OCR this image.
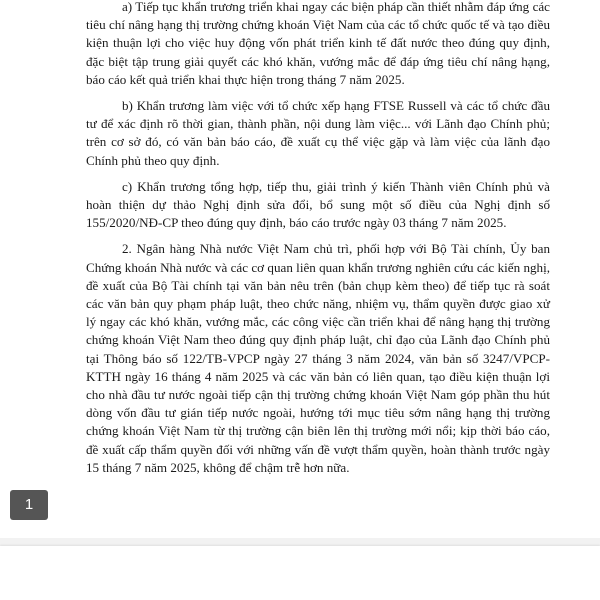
a) Tiếp tục khẩn trương triển khai ngay các biện pháp cần thiết nhằm đáp ứng các tiêu chí nâng hạng thị trường chứng khoán Việt Nam của các tổ chức quốc tế và tạo điều kiện thuận lợi cho việc huy động vốn phát triển kinh tế đất nước theo đúng quy định, đặc biệt tập trung giải quyết các khó khăn, vướng mắc để đáp ứng tiêu chí nâng hạng, báo cáo kết quả triển khai thực hiện trong tháng 7 năm 2025.

b) Khẩn trương làm việc với tổ chức xếp hạng FTSE Russell và các tổ chức đầu tư để xác định rõ thời gian, thành phần, nội dung làm việc... với Lãnh đạo Chính phủ; trên cơ sở đó, có văn bản báo cáo, đề xuất cụ thể việc gặp và làm việc của lãnh đạo Chính phủ theo quy định.

c) Khẩn trương tổng hợp, tiếp thu, giải trình ý kiến Thành viên Chính phủ và hoàn thiện dự thảo Nghị định sửa đổi, bổ sung một số điều của Nghị định số 155/2020/NĐ-CP theo đúng quy định, báo cáo trước ngày 03 tháng 7 năm 2025.

2. Ngân hàng Nhà nước Việt Nam chủ trì, phối hợp với Bộ Tài chính, Ủy ban Chứng khoán Nhà nước và các cơ quan liên quan khẩn trương nghiên cứu các kiến nghị, đề xuất của Bộ Tài chính tại văn bản nêu trên (bản chụp kèm theo) để tiếp tục rà soát các văn bản quy phạm pháp luật, theo chức năng, nhiệm vụ, thẩm quyền được giao xử lý ngay các khó khăn, vướng mắc, các công việc cần triển khai để nâng hạng thị trường chứng khoán Việt Nam theo đúng quy định pháp luật, chỉ đạo của Lãnh đạo Chính phủ tại Thông báo số 122/TB-VPCP ngày 27 tháng 3 năm 2024, văn bản số 3247/VPCP-KTTH ngày 16 tháng 4 năm 2025 và các văn bản có liên quan, tạo điều kiện thuận lợi cho nhà đầu tư nước ngoài tiếp cận thị trường chứng khoán Việt Nam góp phần thu hút dòng vốn đầu tư gián tiếp nước ngoài, hướng tới mục tiêu sớm nâng hạng thị trường chứng khoán Việt Nam từ thị trường cận biên lên thị trường mới nổi; kịp thời báo cáo, đề xuất cấp thẩm quyền đối với những vấn đề vượt thẩm quyền, hoàn thành trước ngày 15 tháng 7 năm 2025, không để chậm trễ hơn nữa.

1
